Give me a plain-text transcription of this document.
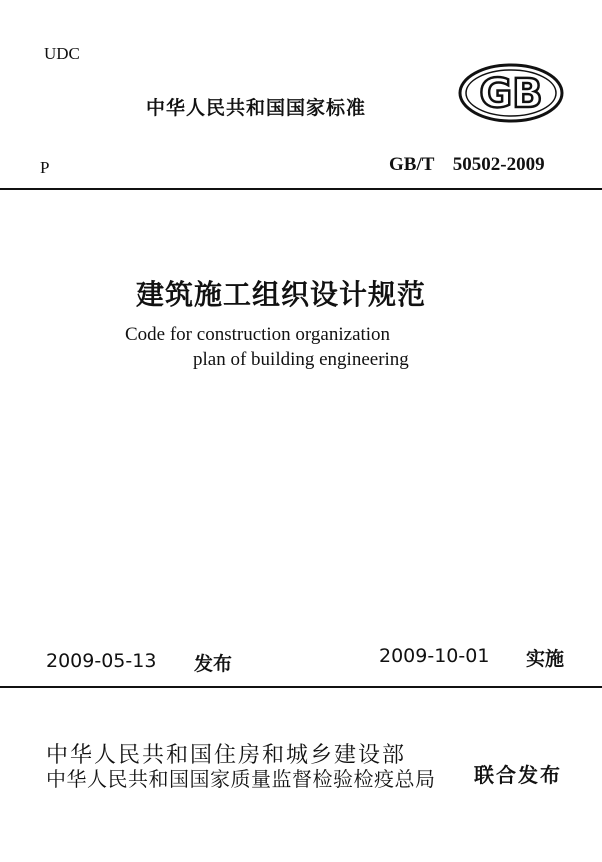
UDC
中华人民共和国国家标准	GB
P	GB/T 50502-2009
建筑施工组织设计规范
Code for construction organization
plan of building engineering
2009-05-13 发布	2009-10-01 实施
中华人民共和国住房和城乡建设部
中华人民共和国国家质量监督检验检疫总局 联合发布
